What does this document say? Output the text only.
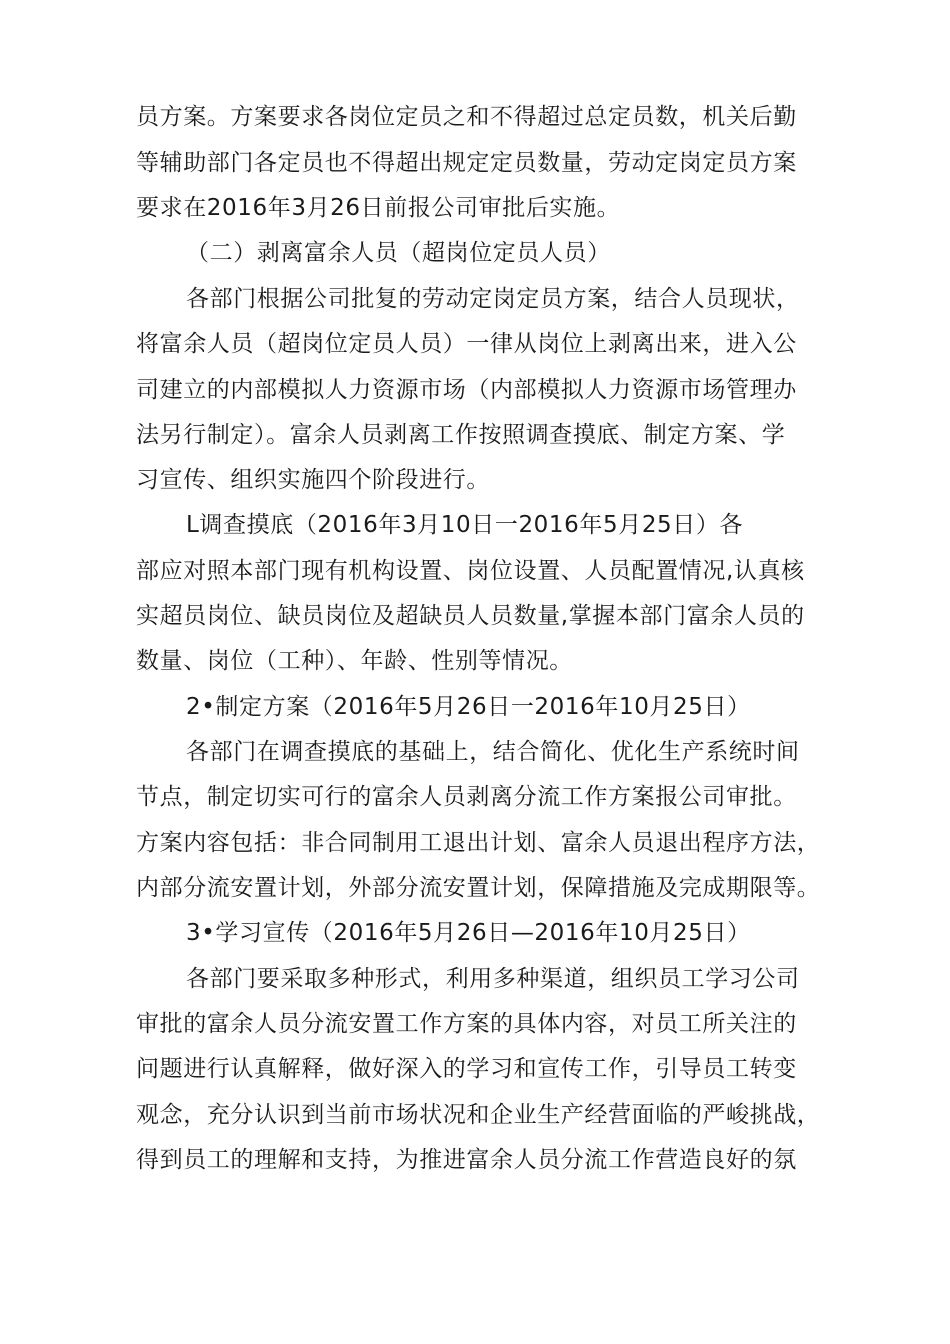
员方案。方案要求各岗位定员之和不得超过总定员数，机关后勤
等辅助部门各定员也不得超出规定定员数量，劳动定岗定员方案
要求在2016年3月26日前报公司审批后实施。
（二）剥离富余人员（超岗位定员人员）
各部门根据公司批复的劳动定岗定员方案，结合人员现状，
将富余人员（超岗位定员人员）一律从岗位上剥离出来，进入公
司建立的内部模拟人力资源市场（内部模拟人力资源市场管理办
法另行制定）。富余人员剥离工作按照调查摸底、制定方案、学
习宣传、组织实施四个阶段进行。
L调查摸底（2016年3月10日一2016年5月25日）各
部应对照本部门现有机构设置、岗位设置、人员配置情况,认真核
实超员岗位、缺员岗位及超缺员人员数量,掌握本部门富余人员的
数量、岗位（工种）、年龄、性别等情况。
2•制定方案（2016年5月26日一2016年10月25日）
各部门在调查摸底的基础上，结合简化、优化生产系统时间
节点，制定切实可行的富余人员剥离分流工作方案报公司审批。
方案内容包括：非合同制用工退出计划、富余人员退出程序方法，
内部分流安置计划，外部分流安置计划，保障措施及完成期限等。
3•学习宣传（2016年5月26日—2016年10月25日）
各部门要采取多种形式，利用多种渠道，组织员工学习公司
审批的富余人员分流安置工作方案的具体内容，对员工所关注的
问题进行认真解释，做好深入的学习和宣传工作，引导员工转变
观念，充分认识到当前市场状况和企业生产经营面临的严峻挑战，
得到员工的理解和支持，为推进富余人员分流工作营造良好的氛
